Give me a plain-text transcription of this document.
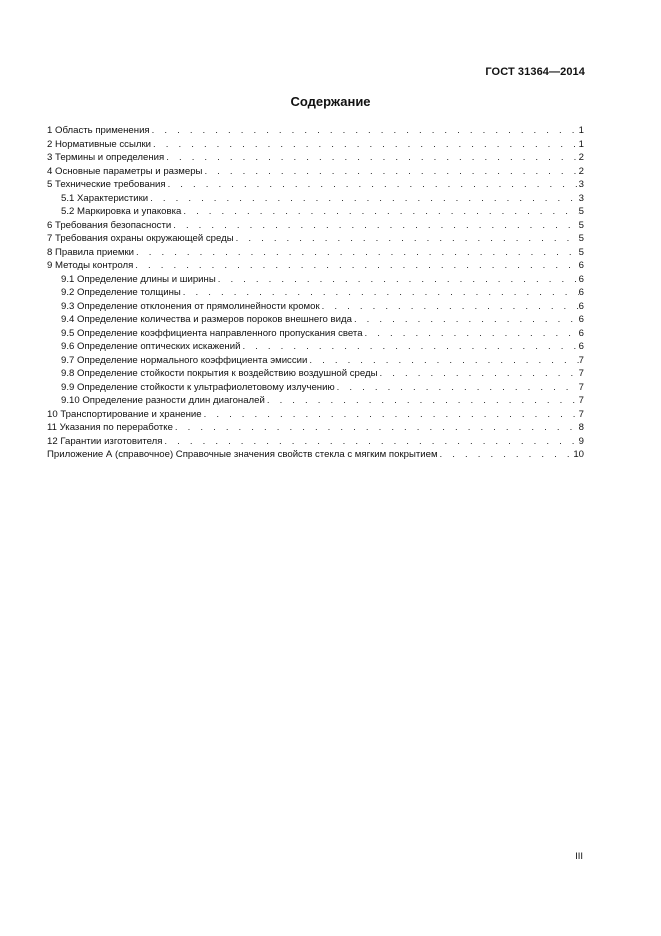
ГОСТ 31364—2014
Содержание
1 Область применения . . .	1
2 Нормативные ссылки . . .	1
3 Термины и определения . . .	2
4 Основные параметры и размеры . . .	2
5 Технические требования . . .	3
5.1 Характеристики . . .	3
5.2 Маркировка и упаковка . . .	5
6 Требования безопасности . . .	5
7 Требования охраны окружающей среды . . .	5
8 Правила приемки . . .	5
9 Методы контроля . . .	6
9.1 Определение длины и ширины . . .	6
9.2 Определение толщины . . .	6
9.3 Определение отклонения от прямолинейности кромок . . .	6
9.4 Определение количества и размеров пороков внешнего вида . . .	6
9.5 Определение коэффициента направленного пропускания света . . .	6
9.6 Определение оптических искажений . . .	6
9.7 Определение нормального коэффициента эмиссии . . .	7
9.8 Определение стойкости покрытия к воздействию воздушной среды . . .	7
9.9 Определение стойкости к ультрафиолетовому излучению . . .	7
9.10 Определение разности длин диагоналей . . .	7
10 Транспортирование и хранение . . .	7
11 Указания по переработке . . .	8
12 Гарантии изготовителя . . .	9
Приложение А (справочное) Справочные значения свойств стекла с мягким покрытием . . .	10
III
